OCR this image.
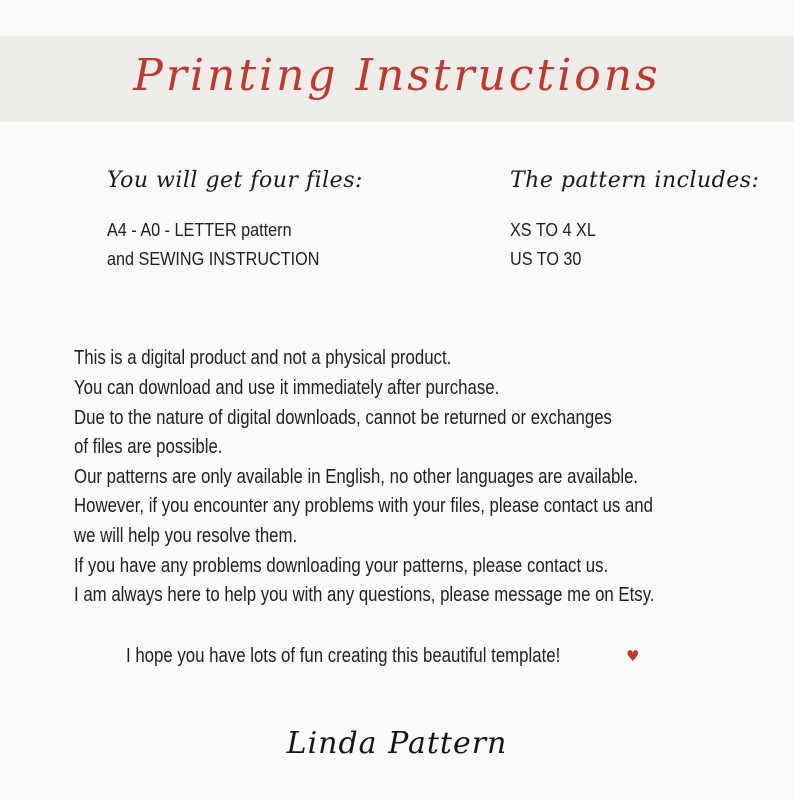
Printing Instructions
You will get four files:
A4 - A0 - LETTER pattern
and SEWING INSTRUCTION
The pattern includes:
XS TO 4 XL
US TO 30
This is a digital product and not a physical product.
You can download and use it immediately after purchase.
Due to the nature of digital downloads, cannot be returned or exchanges
of files are possible.
Our patterns are only available in English, no other languages are available.
However, if you encounter any problems with your files, please contact us and
we will help you resolve them.
If you have any problems downloading your patterns, please contact us.
I am always here to help you with any questions, please message me on Etsy.
I hope you have lots of fun creating this beautiful template!	♥
Linda Pattern
